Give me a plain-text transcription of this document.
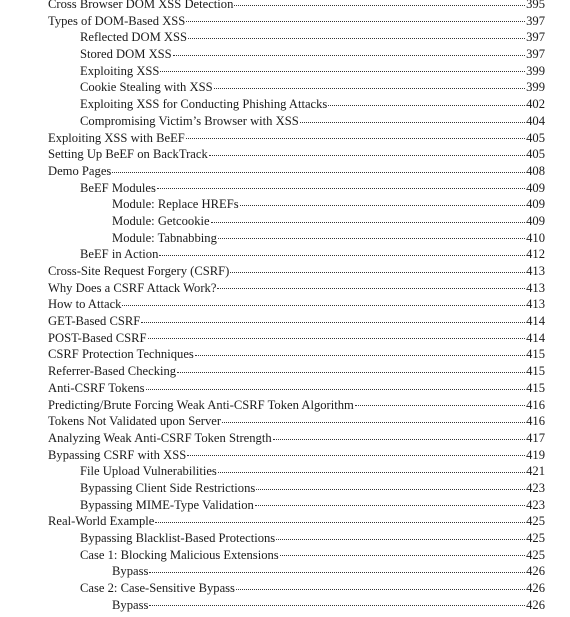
Cross Browser DOM XSS Detection	395
Types of DOM-Based XSS	397
Reflected DOM XSS	397
Stored DOM XSS	397
Exploiting XSS	399
Cookie Stealing with XSS	399
Exploiting XSS for Conducting Phishing Attacks	402
Compromising Victim’s Browser with XSS	404
Exploiting XSS with BeEF	405
Setting Up BeEF on BackTrack	405
Demo Pages	408
BeEF Modules	409
Module: Replace HREFs	409
Module: Getcookie	409
Module: Tabnabbing	410
BeEF in Action	412
Cross-Site Request Forgery (CSRF)	413
Why Does a CSRF Attack Work?	413
How to Attack	413
GET-Based CSRF	414
POST-Based CSRF	414
CSRF Protection Techniques	415
Referrer-Based Checking	415
Anti-CSRF Tokens	415
Predicting/Brute Forcing Weak Anti-CSRF Token Algorithm	416
Tokens Not Validated upon Server	416
Analyzing Weak Anti-CSRF Token Strength	417
Bypassing CSRF with XSS	419
File Upload Vulnerabilities	421
Bypassing Client Side Restrictions	423
Bypassing MIME-Type Validation	423
Real-World Example	425
Bypassing Blacklist-Based Protections	425
Case 1: Blocking Malicious Extensions	425
Bypass	426
Case 2: Case-Sensitive Bypass	426
Bypass	426
